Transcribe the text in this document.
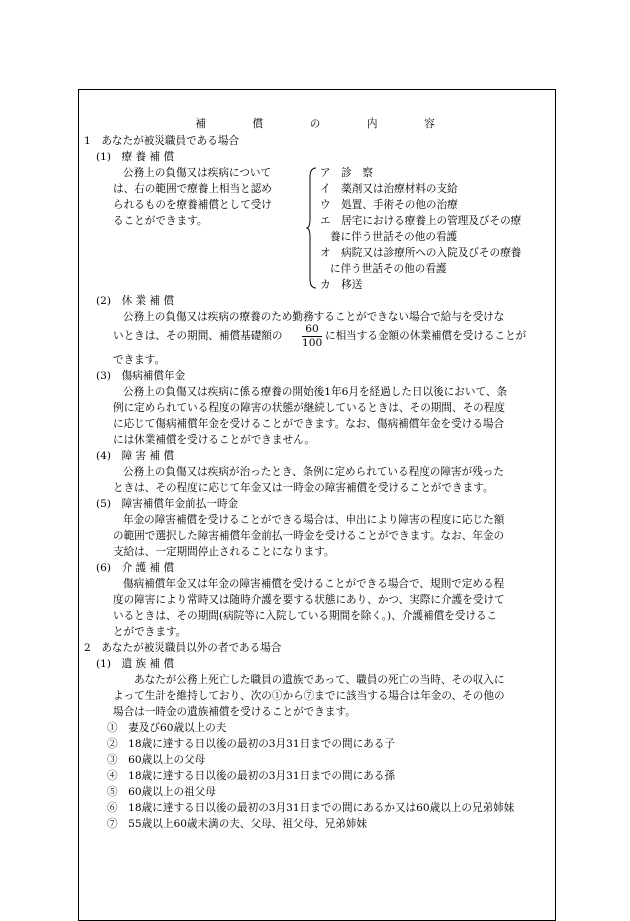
補　償　の　内　容
1　あなたが被災職員である場合
(1)　療 養 補 償
公務上の負傷又は疾病について
は、右の範囲で療養上相当と認め
られるものを療養補償として受け
ることができます。
ア　診　察
イ　薬剤又は治療材料の支給
ウ　処置、手術その他の治療
エ　居宅における療養上の管理及びその療
養に伴う世話その他の看護
オ　病院又は診療所への入院及びその療養
に伴う世話その他の看護
カ　移送
(2)　休 業 補 償
公務上の負傷又は疾病の療養のため勤務することができない場合で給与を受けな
いときは、その期間、補償基礎額の $\frac{60}{100}$ に相当する金額の休業補償を受けることが
できます。
(3)　傷病補償年金
公務上の負傷又は疾病に係る療養の開始後1年6月を経過した日以後において、条
例に定められている程度の障害の状態が継続しているときは、その期間、その程度
に応じて傷病補償年金を受けることができます。なお、傷病補償年金を受ける場合
には休業補償を受けることができません。
(4)　障 害 補 償
公務上の負傷又は疾病が治ったとき、条例に定められている程度の障害が残った
ときは、その程度に応じて年金又は一時金の障害補償を受けることができます。
(5)　障害補償年金前払一時金
年金の障害補償を受けることができる場合は、申出により障害の程度に応じた額
の範囲で選択した障害補償年金前払一時金を受けることができます。なお、年金の
支給は、一定期間停止されることになります。
(6)　介 護 補 償
傷病補償年金又は年金の障害補償を受けることができる場合で、規則で定める程
度の障害により常時又は随時介護を要する状態にあり、かつ、実際に介護を受けて
いるときは、その期間(病院等に入院している期間を除く。)、介護補償を受けるこ
とができます。
2　あなたが被災職員以外の者である場合
(1)　遺 族 補 償
あなたが公務上死亡した職員の遺族であって、職員の死亡の当時、その収入に
よって生計を維持しており、次の①から⑦までに該当する場合は年金の、その他の
場合は一時金の遺族補償を受けることができます。
①　妻及び60歳以上の夫
②　18歳に達する日以後の最初の3月31日までの間にある子
③　60歳以上の父母
④　18歳に達する日以後の最初の3月31日までの間にある孫
⑤　60歳以上の祖父母
⑥　18歳に達する日以後の最初の3月31日までの間にあるか又は60歳以上の兄弟姉妹
⑦　55歳以上60歳未満の夫、父母、祖父母、兄弟姉妹
